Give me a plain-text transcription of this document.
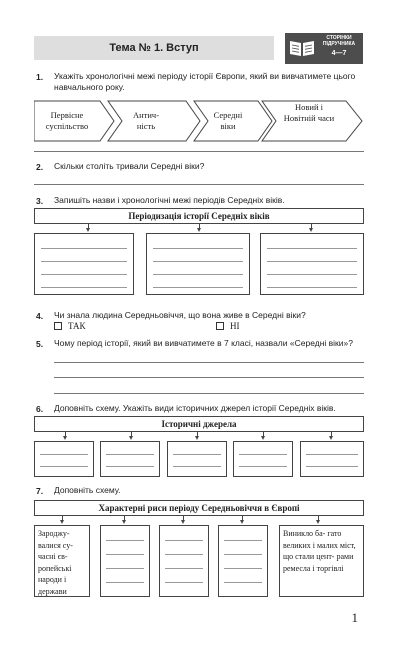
Тема № 1. Вступ
СТОРІНКИ ПІДРУЧНИКА
4—7
1. Укажіть хронологічні межі періоду історії Європи, який ви вивчатимете цього навчального року.
Первісне суспільство
Антич- ність
Середні віки
Новий і Новітній часи
2. Скільки століть тривали Середні віки?
3. Запишіть назви і хронологічні межі періодів Середніх віків.
Періодизація історії Середніх віків
4. Чи знала людина Середньовіччя, що вона живе в Середні віки?
ТАК	НІ
5. Чому період історії, який ви вивчатимете в 7 класі, назвали «Середні віки»?
6. Доповніть схему. Укажіть види історичних джерел історії Середніх віків.
Історичні джерела
7. Доповніть схему.
Характерні риси періоду Середньовіччя в Європі
Зароджу- валися су- часні єв- ропейські народи і держави
Виникло ба- гато великих і малих міст, що стали цент- рами ремесла і торгівлі
1
